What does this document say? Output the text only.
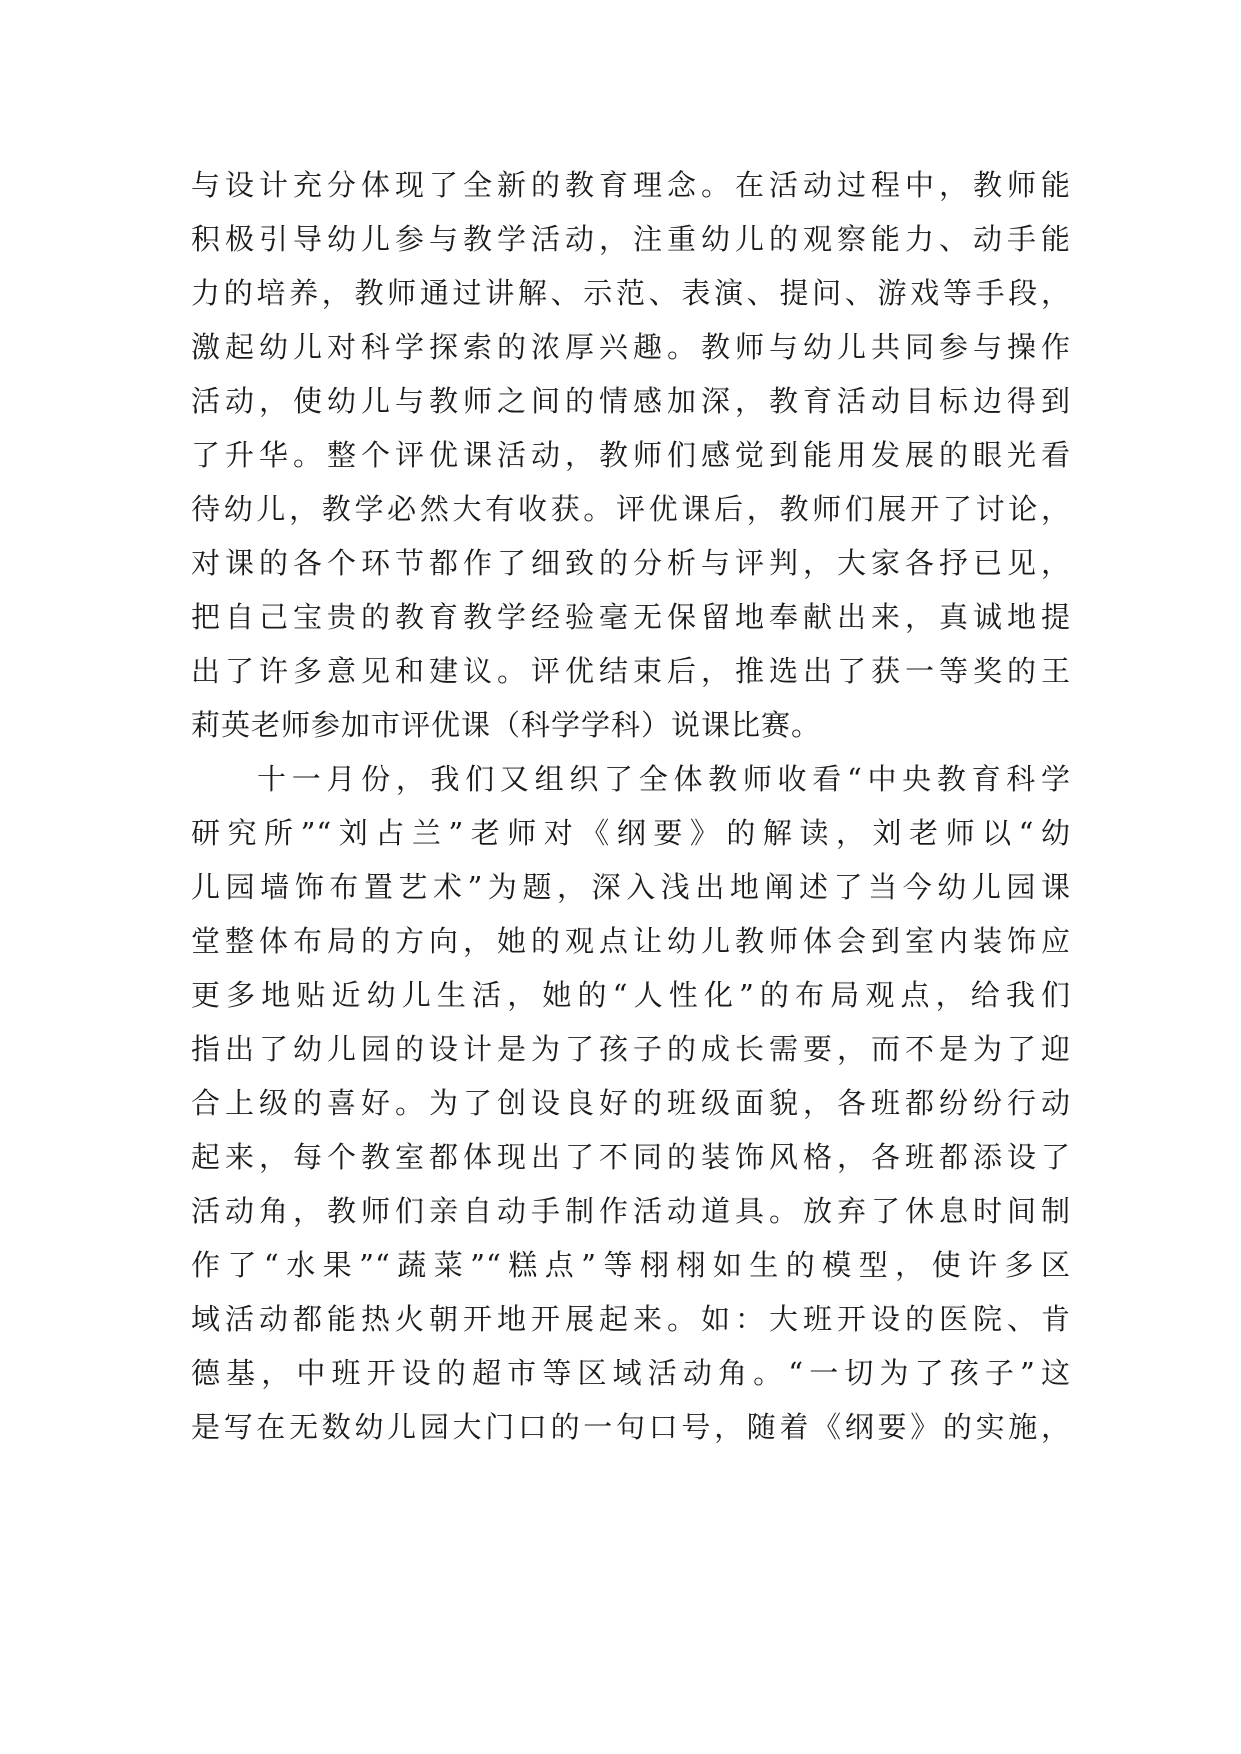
与设计充分体现了全新的教育理念。在活动过程中，教师能
积极引导幼儿参与教学活动，注重幼儿的观察能力、动手能
力的培养，教师通过讲解、示范、表演、提问、游戏等手段，
激起幼儿对科学探索的浓厚兴趣。教师与幼儿共同参与操作
活动，使幼儿与教师之间的情感加深，教育活动目标边得到
了升华。整个评优课活动，教师们感觉到能用发展的眼光看
待幼儿，教学必然大有收获。评优课后，教师们展开了讨论，
对课的各个环节都作了细致的分析与评判，大家各抒已见，
把自己宝贵的教育教学经验毫无保留地奉献出来，真诚地提
出了许多意见和建议。评优结束后，推选出了获一等奖的王
莉英老师参加市评优课（科学学科）说课比赛。
十一月份，我们又组织了全体教师收看“中央教育科学
研究所”“刘占兰”老师对《纲要》的解读，刘老师以“幼
儿园墙饰布置艺术”为题，深入浅出地阐述了当今幼儿园课
堂整体布局的方向，她的观点让幼儿教师体会到室内装饰应
更多地贴近幼儿生活，她的“人性化”的布局观点，给我们
指出了幼儿园的设计是为了孩子的成长需要，而不是为了迎
合上级的喜好。为了创设良好的班级面貌，各班都纷纷行动
起来，每个教室都体现出了不同的装饰风格，各班都添设了
活动角，教师们亲自动手制作活动道具。放弃了休息时间制
作了“水果”“蔬菜”“糕点”等栩栩如生的模型，使许多区
域活动都能热火朝开地开展起来。如：大班开设的医院、肯
德基，中班开设的超市等区域活动角。“一切为了孩子”这
是写在无数幼儿园大门口的一句口号，随着《纲要》的实施，
